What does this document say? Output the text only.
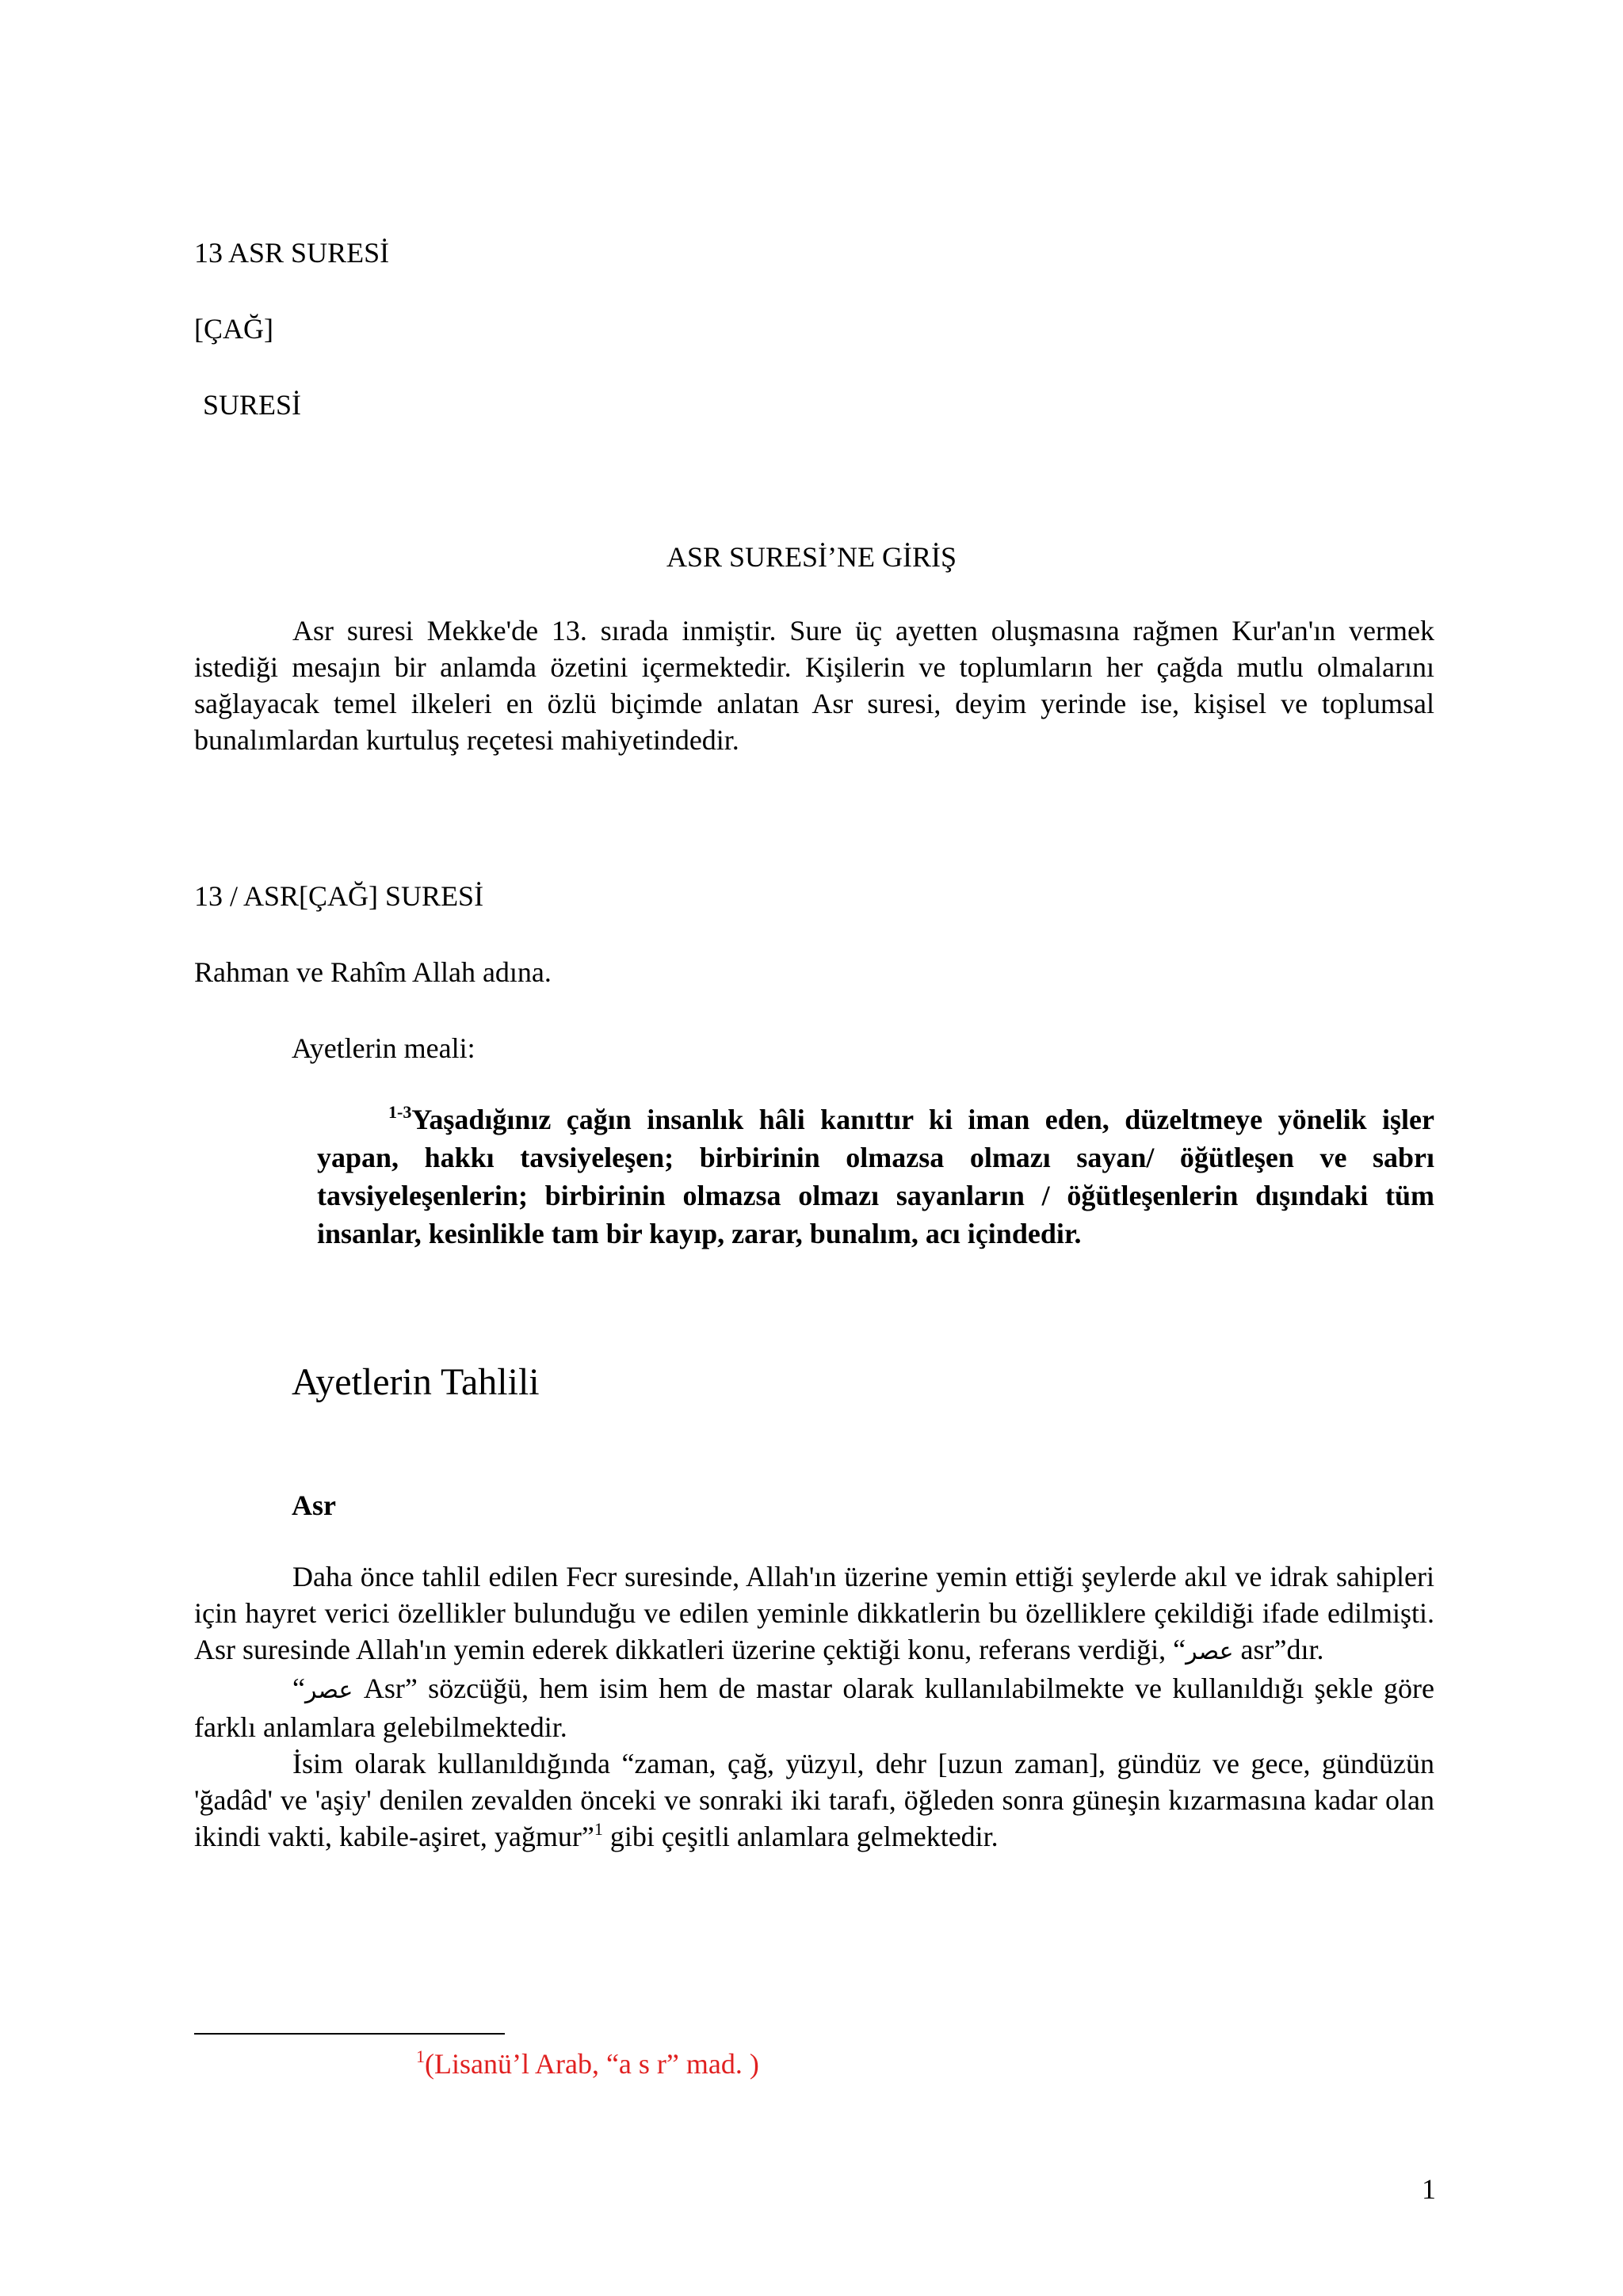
13 ASR SURESİ
[ÇAĞ]
SURESİ
ASR SURESİ’NE GİRİŞ

Asr suresi Mekke'de 13. sırada inmiştir. Sure üç ayetten oluşmasına rağmen Kur'an'ın vermek istediği mesajın bir anlamda özetini içermektedir. Kişilerin ve toplumların her çağda mutlu olmalarını sağlayacak temel ilkeleri en özlü biçimde anlatan Asr suresi, deyim yerinde ise, kişisel ve toplumsal bunalımlardan kurtuluş reçetesi mahiyetindedir.

13 / ASR[ÇAĞ] SURESİ
Rahman ve Rahîm Allah adına.
Ayetlerin meali:
$^{1-3}$Yaşadığınız çağın insanlık hâli kanıttır ki iman eden, düzeltmeye yönelik işler yapan, hakkı tavsiyeleşen; birbirinin olmazsa olmazı sayan/ öğütleşen ve sabrı tavsiyeleşenlerin; birbirinin olmazsa olmazı sayanların / öğütleşenlerin dışındaki tüm insanlar, kesinlikle tam bir kayıp, zarar, bunalım, acı içindedir.
Ayetlerin Tahlili
Asr

Daha önce tahlil edilen Fecr suresinde, Allah'ın üzerine yemin ettiği şeylerde akıl ve idrak sahipleri için hayret verici özellikler bulunduğu ve edilen yeminle dikkatlerin bu özelliklere çekildiği ifade edilmişti. Asr suresinde Allah'ın yemin ederek dikkatleri üzerine çektiği konu, referans verdiği, “عصر asr”dır.

“عصر Asr” sözcüğü, hem isim hem de mastar olarak kullanılabilmekte ve kullanıldığı şekle göre farklı anlamlara gelebilmektedir.

İsim olarak kullanıldığında “zaman, çağ, yüzyıl, dehr [uzun zaman], gündüz ve gece, gündüzün 'ğadâd' ve 'aşiy' denilen zevalden önceki ve sonraki iki tarafı, öğleden sonra güneşin kızarmasına kadar olan ikindi vakti, kabile-aşiret, yağmur”$^1$ gibi çeşitli anlamlara gelmektedir.

$^1$(Lisanü’l Arab, “a s r” mad. )
1
